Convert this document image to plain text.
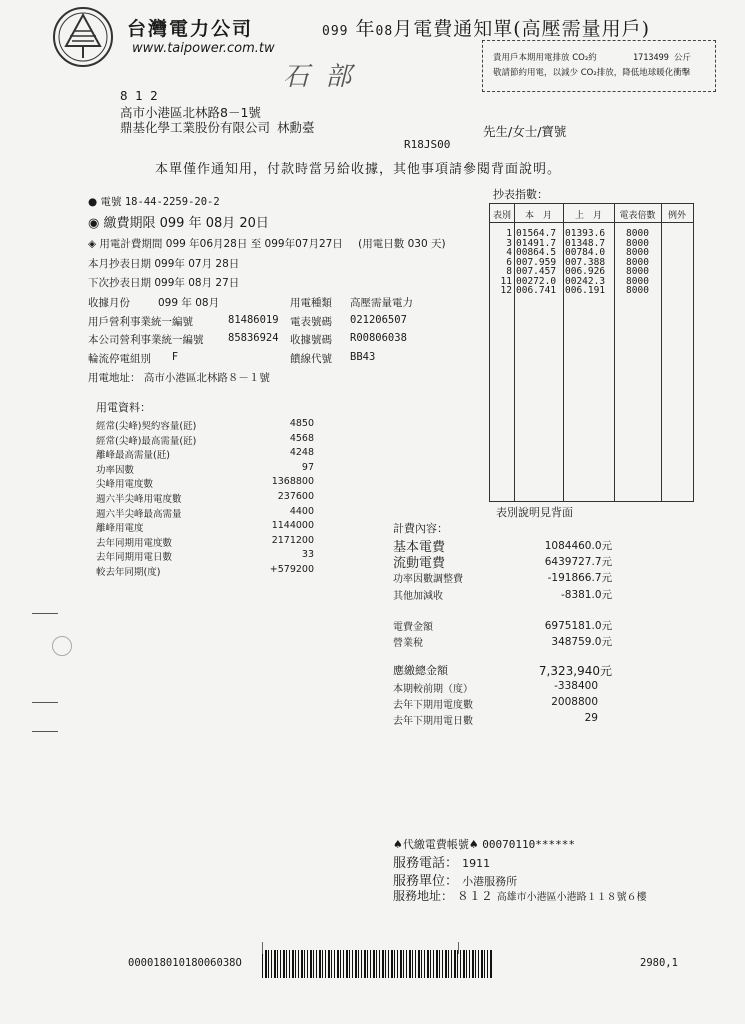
台灣電力公司
www.taipower.com.tw
099 年08月電費通知單(高壓需量用戶)
貴用戶本期用電排放 CO₂約	1713499 公斤
敬請節約用電，以減少 CO₂排放，降低地球暖化衝擊
石 部
8 1 2
高市小港區北林路8－1號
鼎基化學工業股份有限公司 林勳臺	先生/女士/寶號
R18JS00
本單僅作通知用，付款時當另給收據，其他事項請參閱背面說明。
● 電號 18-44-2259-20-2
◉ 繳費期限 099 年 08月 20日
◈ 用電計費期間 099 年06月28日 至 099年07月27日 (用電日數 030 天)
本月抄表日期 099年 07月 28日
下次抄表日期 099年 08月 27日
收據月份	099 年 08月	用電種類 高壓需量電力
用戶營利事業統一編號	81486019 電表號碼 021206507
本公司營利事業統一編號 85836924 收據號碼 R00806038
輪流停電組別 F	饋線代號 BB43
用電地址： 高市小港區北林路８－１號
抄表指數：
表別	本　月	上　月	電表倍數	例外
1 01564.7 01393.6	8000
3 01491.7 01348.7	8000
4 00864.5 00784.0	8000
6 007.959 007.388	8000
8 007.457 006.926	8000
11 00272.0 00242.3	8000
12 006.741 006.191	8000
表別說明見背面
用電資料：
經常(尖峰)契約容量(瓩)	4850
經常(尖峰)最高需量(瓩)	4568
離峰最高需量(瓩)	4248
功率因數	97
尖峰用電度數	1368800
週六半尖峰用電度數	237600
週六半尖峰最高需量	4400
離峰用電度	1144000
去年同期用電度數	2171200
去年同期用電日數	33
較去年同期(度)	+579200
計費內容：
基本電費	1084460.0元
流動電費	6439727.7元
功率因數調整費	-191866.7元
其他加減收	-8381.0元
電費金額	6975181.0元
營業稅	348759.0元
應繳總金額	7,323,940元
本期較前期（度）	-338400
去年下期用電度數	2008800
去年下期用電日數	29
♠代繳電費帳號♠ 00070110******
服務電話： 1911
服務單位： 小港服務所
服務地址： ８１２ 高雄市小港區小港路１１８號６樓
00001801018006038O	2980,1
